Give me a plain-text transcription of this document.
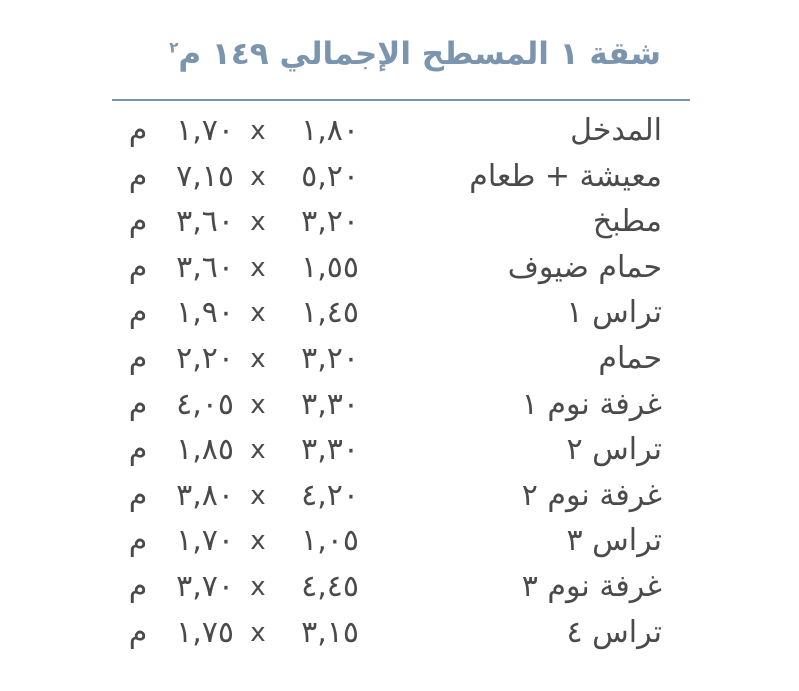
شقة ١ المسطح الإجمالي ١٤٩ م$^٢$
المدخل
١,٨٠
x
١,٧٠
م
معيشة + طعام
٥,٢٠
x
٧,١٥
م
مطبخ
٣,٢٠
x
٣,٦٠
م
حمام ضيوف
١,٥٥
x
٣,٦٠
م
تراس ١
١,٤٥
x
١,٩٠
م
حمام
٣,٢٠
x
٢,٢٠
م
غرفة نوم ١
٣,٣٠
x
٤,٠٥
م
تراس ٢
٣,٣٠
x
١,٨٥
م
غرفة نوم ٢
٤,٢٠
x
٣,٨٠
م
تراس ٣
١,٠٥
x
١,٧٠
م
غرفة نوم ٣
٤,٤٥
x
٣,٧٠
م
تراس ٤
٣,١٥
x
١,٧٥
م
